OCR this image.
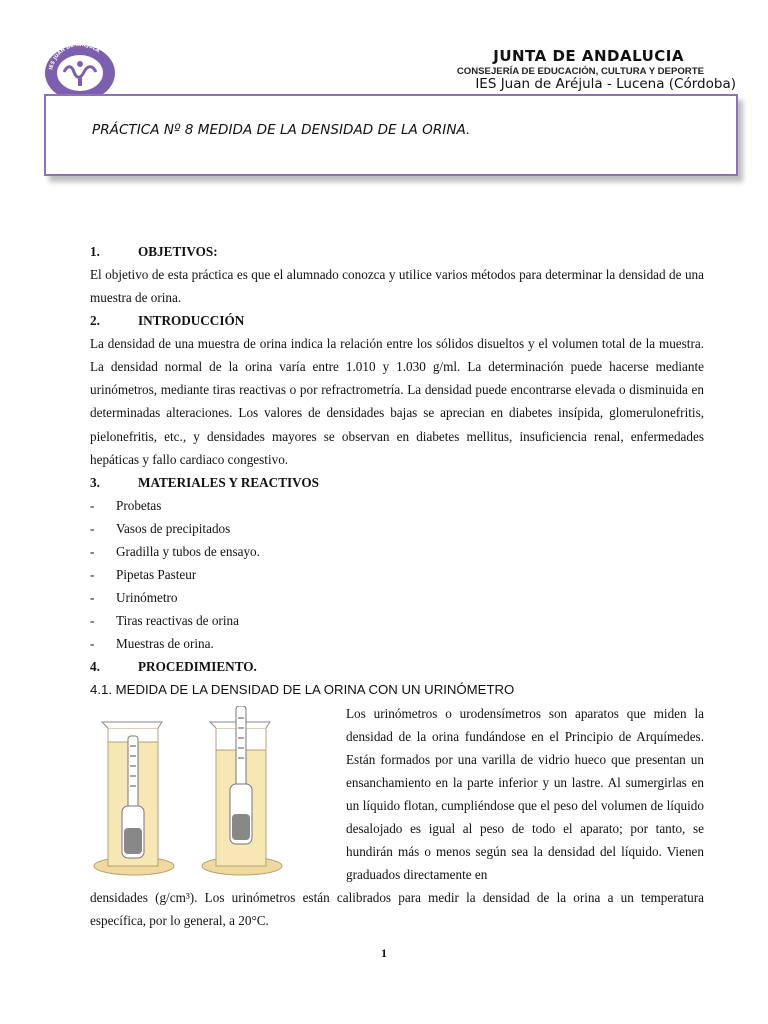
IES JUAN DE ARÉJULA	JUNTA DE ANDALUCIA
CONSEJERÍA DE EDUCACIÓN, CULTURA Y DEPORTE
IES Juan de Aréjula - Lucena (Córdoba)
PRÁCTICA Nº 8 MEDIDA DE LA DENSIDAD DE LA ORINA.
1.	OBJETIVOS:

El objetivo de esta práctica es que el alumnado conozca y utilice varios métodos para determinar la densidad de una muestra de orina.

2.	INTRODUCCIÓN

La densidad de una muestra de orina indica la relación entre los sólidos disueltos y el volumen total de la muestra. La densidad normal de la orina varía entre 1.010 y 1.030 g/ml. La determinación puede hacerse mediante urinómetros, mediante tiras reactivas o por refractrometría. La densidad puede encontrarse elevada o disminuida en determinadas alteraciones. Los valores de densidades bajas se aprecian en diabetes insípida, glomerulonefritis, pielonefritis, etc., y densidades mayores se observan en diabetes mellitus, insuficiencia renal, enfermedades hepáticas y fallo cardiaco congestivo.

3.	MATERIALES Y REACTIVOS
- Probetas
- Vasos de precipitados
- Gradilla y tubos de ensayo.
- Pipetas Pasteur
- Urinómetro
- Tiras reactivas de orina
- Muestras de orina.
4.	PROCEDIMIENTO.
4.1. MEDIDA DE LA DENSIDAD DE LA ORINA CON UN URINÓMETRO

Los urinómetros o urodensímetros son aparatos que miden la densidad de la orina fundándose en el Principio de Arquímedes. Están formados por una varilla de vidrio hueco que presentan un ensanchamiento en la parte inferior y un lastre. Al sumergirlas en un líquido flotan, cumpliéndose que el peso del volumen de líquido desalojado es igual al peso de todo el aparato; por tanto, se hundirán más o menos según sea la densidad del líquido. Vienen graduados directamente en

densidades (g/cm³). Los urinómetros están calibrados para medir la densidad de la orina a un temperatura específica, por lo general, a 20°C.

1
